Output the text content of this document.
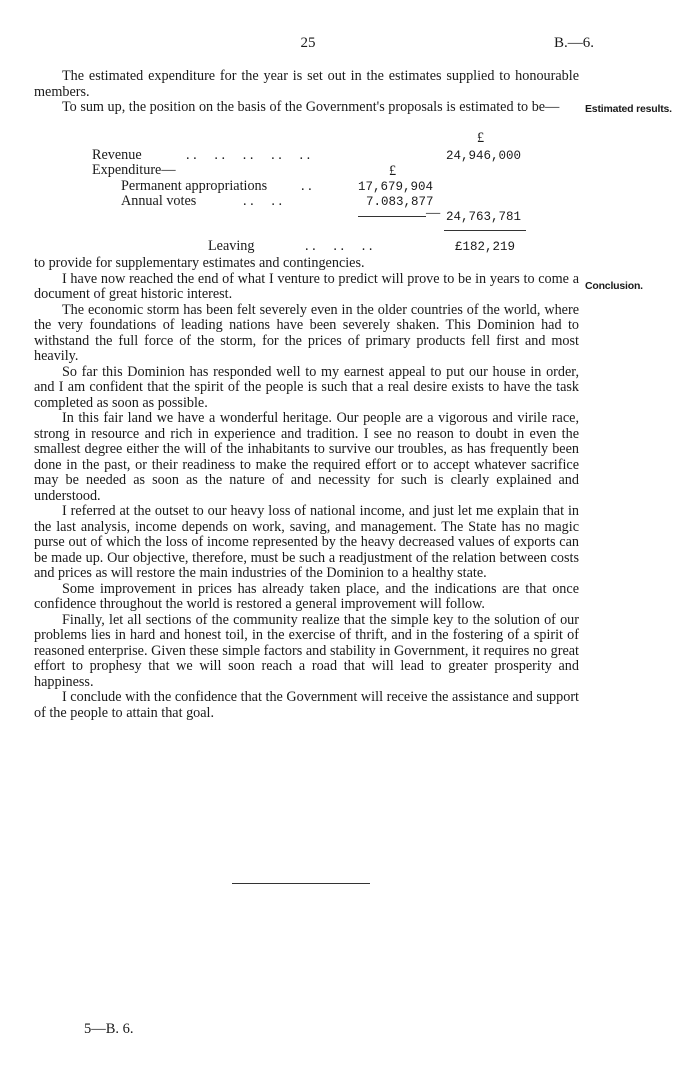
25	B.—6.

The estimated expenditure for the year is set out in the estimates supplied to honourable members.

To sum up, the position on the basis of the Government's proposals is estimated to be—	Estimated results.
Conclusion.
£
Revenue	. .     . .     . .     . .     . .	24,946,000
Expenditure—	£
Permanent appropriations . .	17,679,904
Annual votes	. .     . .	7.083,877
— 24,763,781
Leaving	. .     . .     . .	£182,219

to provide for supplementary estimates and contingencies.

I have now reached the end of what I venture to predict will prove to be in years to come a document of great historic interest.

The economic storm has been felt severely even in the older countries of the world, where the very foundations of leading nations have been severely shaken. This Dominion had to withstand the full force of the storm, for the prices of primary products fell first and most heavily.

So far this Dominion has responded well to my earnest appeal to put our house in order, and I am confident that the spirit of the people is such that a real desire exists to have the task completed as soon as possible.

In this fair land we have a wonderful heritage. Our people are a vigorous and virile race, strong in resource and rich in experience and tradition. I see no reason to doubt in even the smallest degree either the will of the inhabitants to survive our troubles, as has frequently been done in the past, or their readiness to make the required effort or to accept whatever sacrifice may be needed as soon as the nature of and necessity for such is clearly explained and understood.

I referred at the outset to our heavy loss of national income, and just let me explain that in the last analysis, income depends on work, saving, and management. The State has no magic purse out of which the loss of income represented by the heavy decreased values of exports can be made up. Our objective, therefore, must be such a readjustment of the relation between costs and prices as will restore the main industries of the Dominion to a healthy state.

Some improvement in prices has already taken place, and the indications are that once confidence throughout the world is restored a general improvement will follow.

Finally, let all sections of the community realize that the simple key to the solution of our problems lies in hard and honest toil, in the exercise of thrift, and in the fostering of a spirit of reasoned enterprise. Given these simple factors and stability in Government, it requires no great effort to prophesy that we will soon reach a road that will lead to greater prosperity and happiness.

I conclude with the confidence that the Government will receive the assistance and support of the people to attain that goal.

5—B. 6.
